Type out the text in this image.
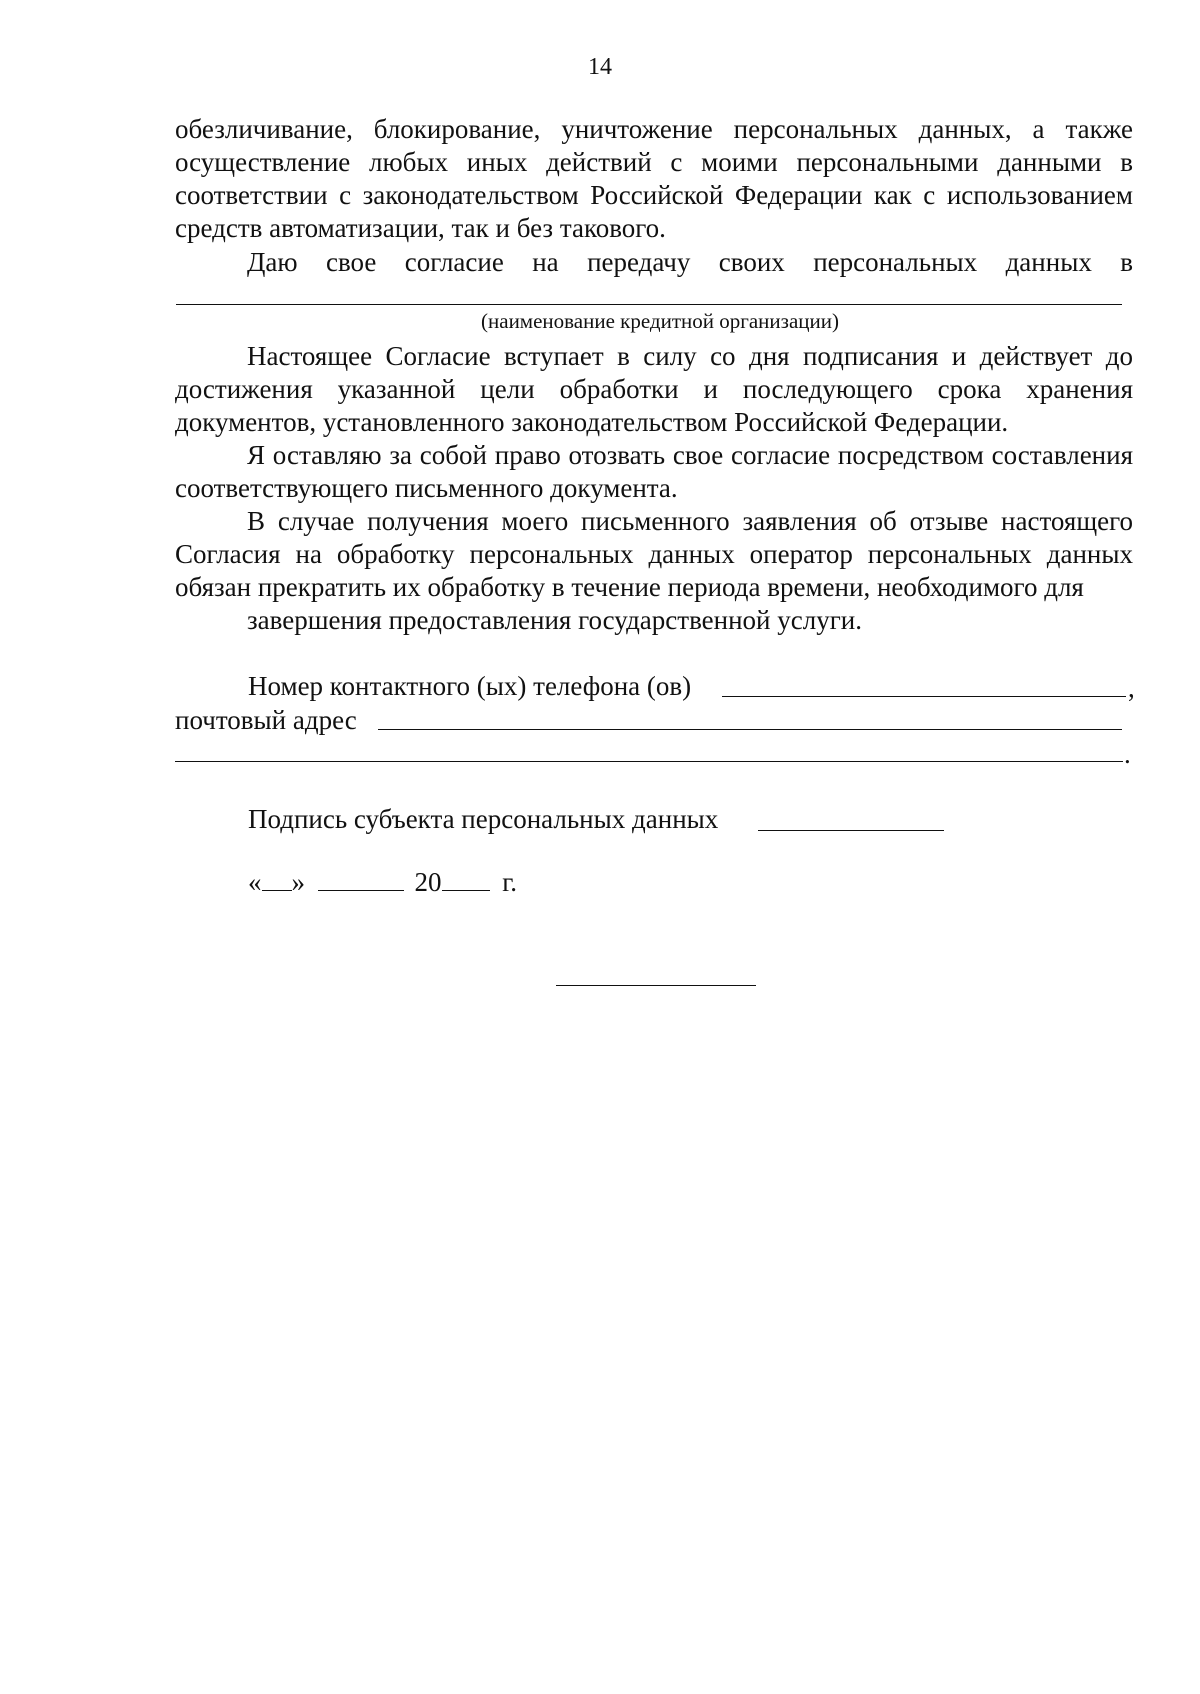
14

обезличивание, блокирование, уничтожение персональных данных, а также осуществление любых иных действий с моими персональными данными в соответствии с законодательством Российской Федерации как с использованием средств автоматизации, так и без такового.

Даю свое согласие на передачу своих персональных данных в

(наименование кредитной организации)

Настоящее Согласие вступает в силу со дня подписания и действует до достижения указанной цели обработки и последующего срока хранения документов, установленного законодательством Российской Федерации.

Я оставляю за собой право отозвать свое согласие посредством составления соответствующего письменного документа.

В случае получения моего письменного заявления об отзыве настоящего Согласия на обработку персональных данных оператор персональных данных обязан прекратить их обработку в течение периода времени, необходимого для

завершения предоставления государственной услуги.

Номер контактного (ых) телефона (ов)	,
почтовый адрес
.
Подпись субъекта персональных данных
« »	20 г.
